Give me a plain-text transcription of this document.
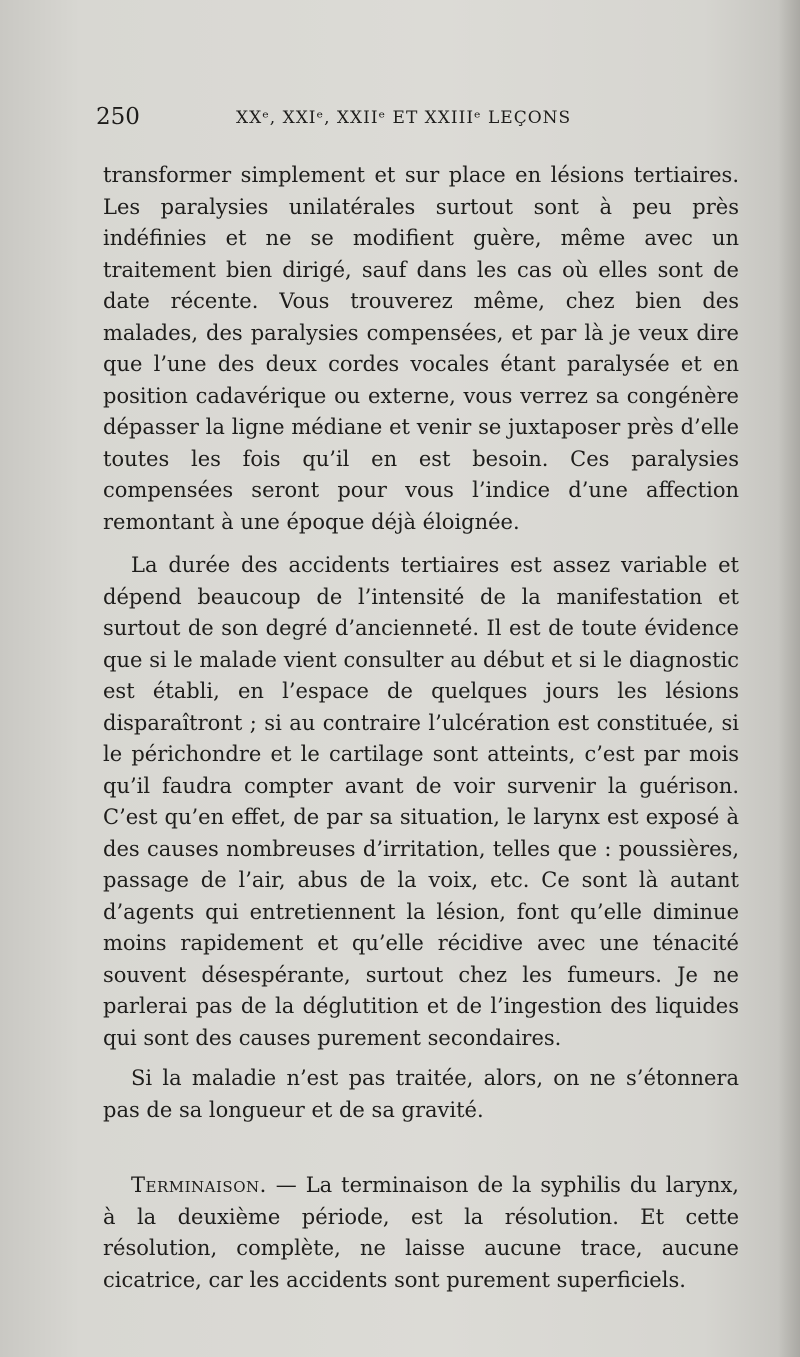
250	XXᵉ, XXIᵉ, XXIIᵉ ET XXIIIᵉ LEÇONS

transformer simplement et sur place en lésions tertiaires. Les paralysies unilatérales surtout sont à peu près indéfinies et ne se modifient guère, même avec un traitement bien dirigé, sauf dans les cas où elles sont de date récente. Vous trouverez même, chez bien des malades, des paralysies compensées, et par là je veux dire que l’une des deux cordes vocales étant paralysée et en position cadavérique ou externe, vous verrez sa congénère dépasser la ligne médiane et venir se juxtaposer près d’elle toutes les fois qu’il en est besoin. Ces paralysies compensées seront pour vous l’indice d’une affection remontant à une époque déjà éloignée.

La durée des accidents tertiaires est assez variable et dépend beaucoup de l’intensité de la manifestation et surtout de son degré d’ancienneté. Il est de toute évidence que si le malade vient consulter au début et si le diagnostic est établi, en l’espace de quelques jours les lésions disparaîtront ; si au contraire l’ulcération est constituée, si le périchondre et le cartilage sont atteints, c’est par mois qu’il faudra compter avant de voir survenir la guérison. C’est qu’en effet, de par sa situation, le larynx est exposé à des causes nombreuses d’irritation, telles que : poussières, passage de l’air, abus de la voix, etc. Ce sont là autant d’agents qui entretiennent la lésion, font qu’elle diminue moins rapidement et qu’elle récidive avec une ténacité souvent désespérante, surtout chez les fumeurs. Je ne parlerai pas de la déglutition et de l’ingestion des liquides qui sont des causes purement secondaires.

Si la maladie n’est pas traitée, alors, on ne s’étonnera pas de sa longueur et de sa gravité.

Terminaison. — La terminaison de la syphilis du larynx, à la deuxième période, est la résolution. Et cette résolution, complète, ne laisse aucune trace, aucune cicatrice, car les accidents sont purement superficiels.
